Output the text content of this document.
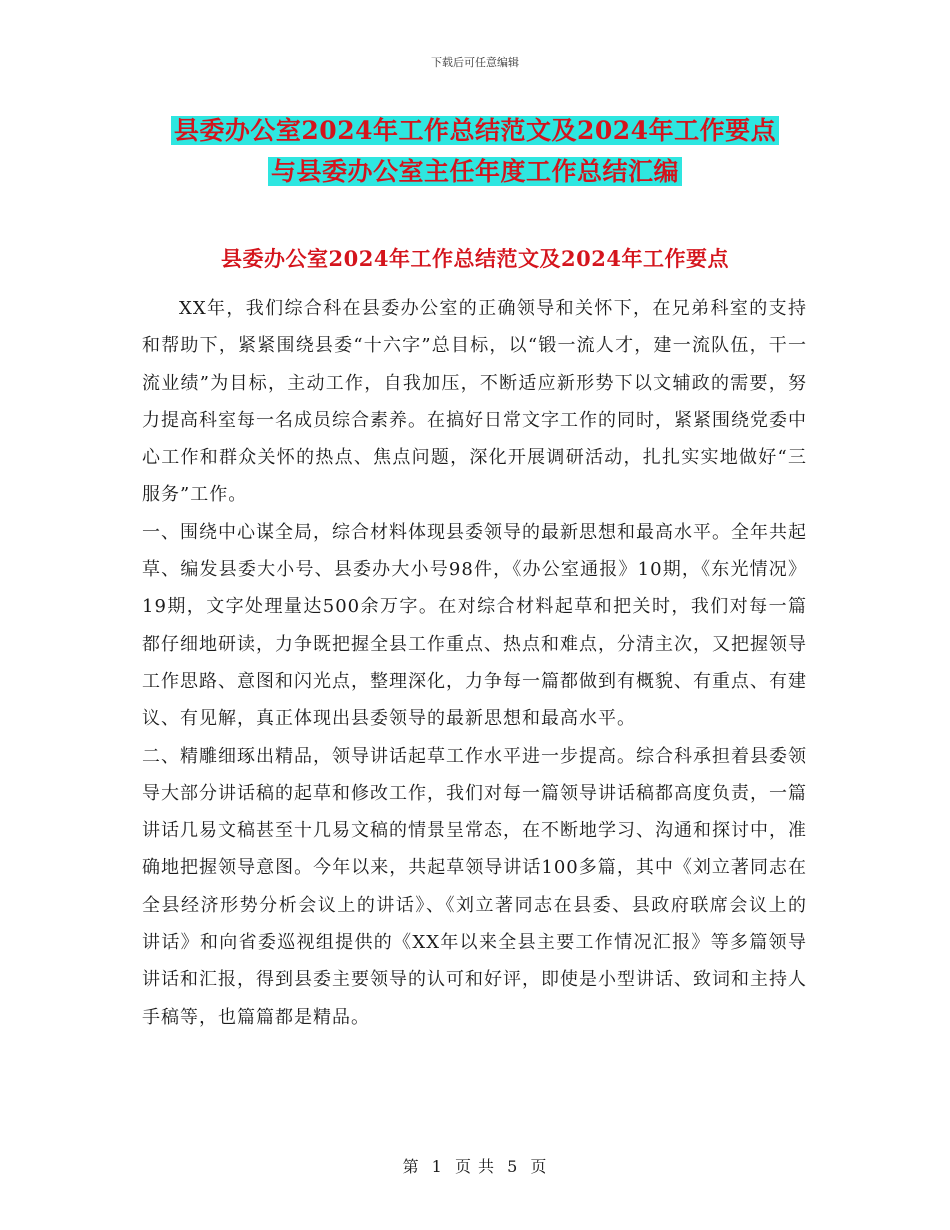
下载后可任意编辑
县委办公室2024年工作总结范文及2024年工作要点
与县委办公室主任年度工作总结汇编
县委办公室2024年工作总结范文及2024年工作要点

XX年，我们综合科在县委办公室的正确领导和关怀下，在兄弟科室的支持和帮助下，紧紧围绕县委“十六字”总目标，以“锻一流人才，建一流队伍，干一流业绩”为目标，主动工作，自我加压，不断适应新形势下以文辅政的需要，努力提高科室每一名成员综合素养。在搞好日常文字工作的同时，紧紧围绕党委中心工作和群众关怀的热点、焦点问题，深化开展调研活动，扎扎实实地做好“三服务”工作。

一、围绕中心谋全局，综合材料体现县委领导的最新思想和最高水平。全年共起草、编发县委大小号、县委办大小号98件，《办公室通报》10期，《东光情况》19期，文字处理量达500余万字。在对综合材料起草和把关时，我们对每一篇都仔细地研读，力争既把握全县工作重点、热点和难点，分清主次，又把握领导工作思路、意图和闪光点，整理深化，力争每一篇都做到有概貌、有重点、有建议、有见解，真正体现出县委领导的最新思想和最高水平。

二、精雕细琢出精品，领导讲话起草工作水平进一步提高。综合科承担着县委领导大部分讲话稿的起草和修改工作，我们对每一篇领导讲话稿都高度负责，一篇讲话几易文稿甚至十几易文稿的情景呈常态，在不断地学习、沟通和探讨中，准确地把握领导意图。今年以来，共起草领导讲话100多篇，其中《刘立著同志在全县经济形势分析会议上的讲话》、《刘立著同志在县委、县政府联席会议上的讲话》和向省委巡视组提供的《XX年以来全县主要工作情况汇报》等多篇领导讲话和汇报，得到县委主要领导的认可和好评，即使是小型讲话、致词和主持人手稿等，也篇篇都是精品。

第 1 页 共 5 页
